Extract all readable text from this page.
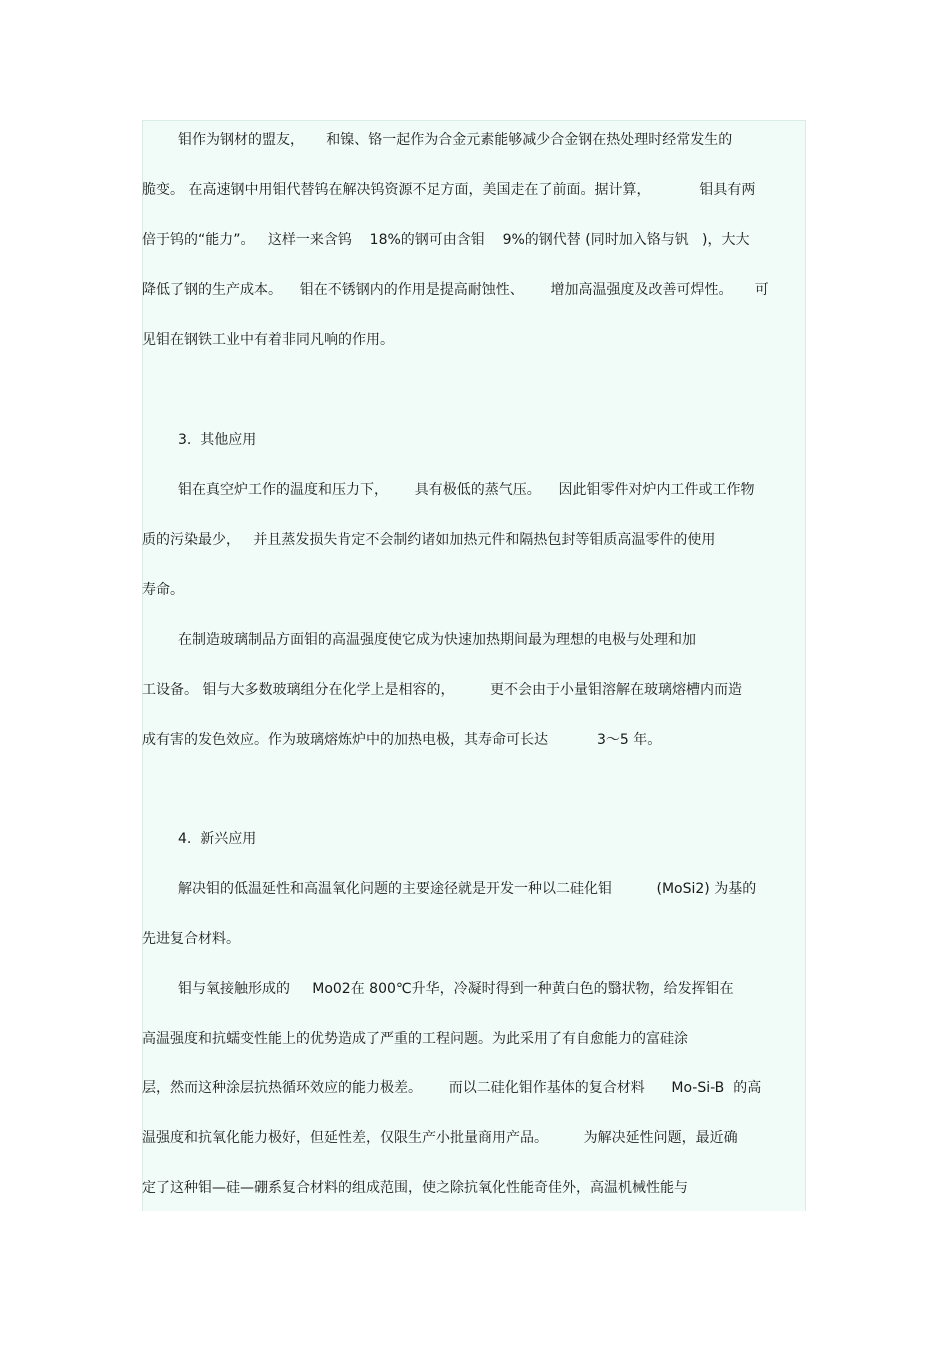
钼作为钢材的盟友，     和镍、铬一起作为合金元素能够减少合金钢在热处理时经常发生的
脆变。 在高速钢中用钼代替钨在解决钨资源不足方面，美国走在了前面。据计算，           钼具有两
倍于钨的“能力”。   这样一来含钨    18%的钢可由含钼    9%的钢代替 (同时加入铬与钒   )，大大
降低了钢的生产成本。    钼在不锈钢内的作用是提高耐蚀性、      增加高温强度及改善可焊性。     可
见钼在钢铁工业中有着非同凡响的作用。
3.  其他应用
钼在真空炉工作的温度和压力下，      具有极低的蒸气压。    因此钼零件对炉内工件或工作物
质的污染最少，   并且蒸发损失肯定不会制约诸如加热元件和隔热包封等钼质高温零件的使用
寿命。
在制造玻璃制品方面钼的高温强度使它成为快速加热期间最为理想的电极与处理和加
工设备。 钼与大多数玻璃组分在化学上是相容的，        更不会由于小量钼溶解在玻璃熔槽内而造
成有害的发色效应。作为玻璃熔炼炉中的加热电极，其寿命可长达           3～5 年。
4.  新兴应用
解决钼的低温延性和高温氧化问题的主要途径就是开发一种以二硅化钼          (MoSi2) 为基的
先进复合材料。
钼与氧接触形成的     Mo02在 800℃升华，冷凝时得到一种黄白色的翳状物，给发挥钼在
高温强度和抗蠕变性能上的优势造成了严重的工程问题。为此采用了有自愈能力的富硅涂
层，然而这种涂层抗热循环效应的能力极差。      而以二硅化钼作基体的复合材料      Mo-Si-B  的高
温强度和抗氧化能力极好，但延性差，仅限生产小批量商用产品。        为解决延性问题，最近确
定了这种钼—硅—硼系复合材料的组成范围，使之除抗氧化性能奇佳外，高温机械性能与
